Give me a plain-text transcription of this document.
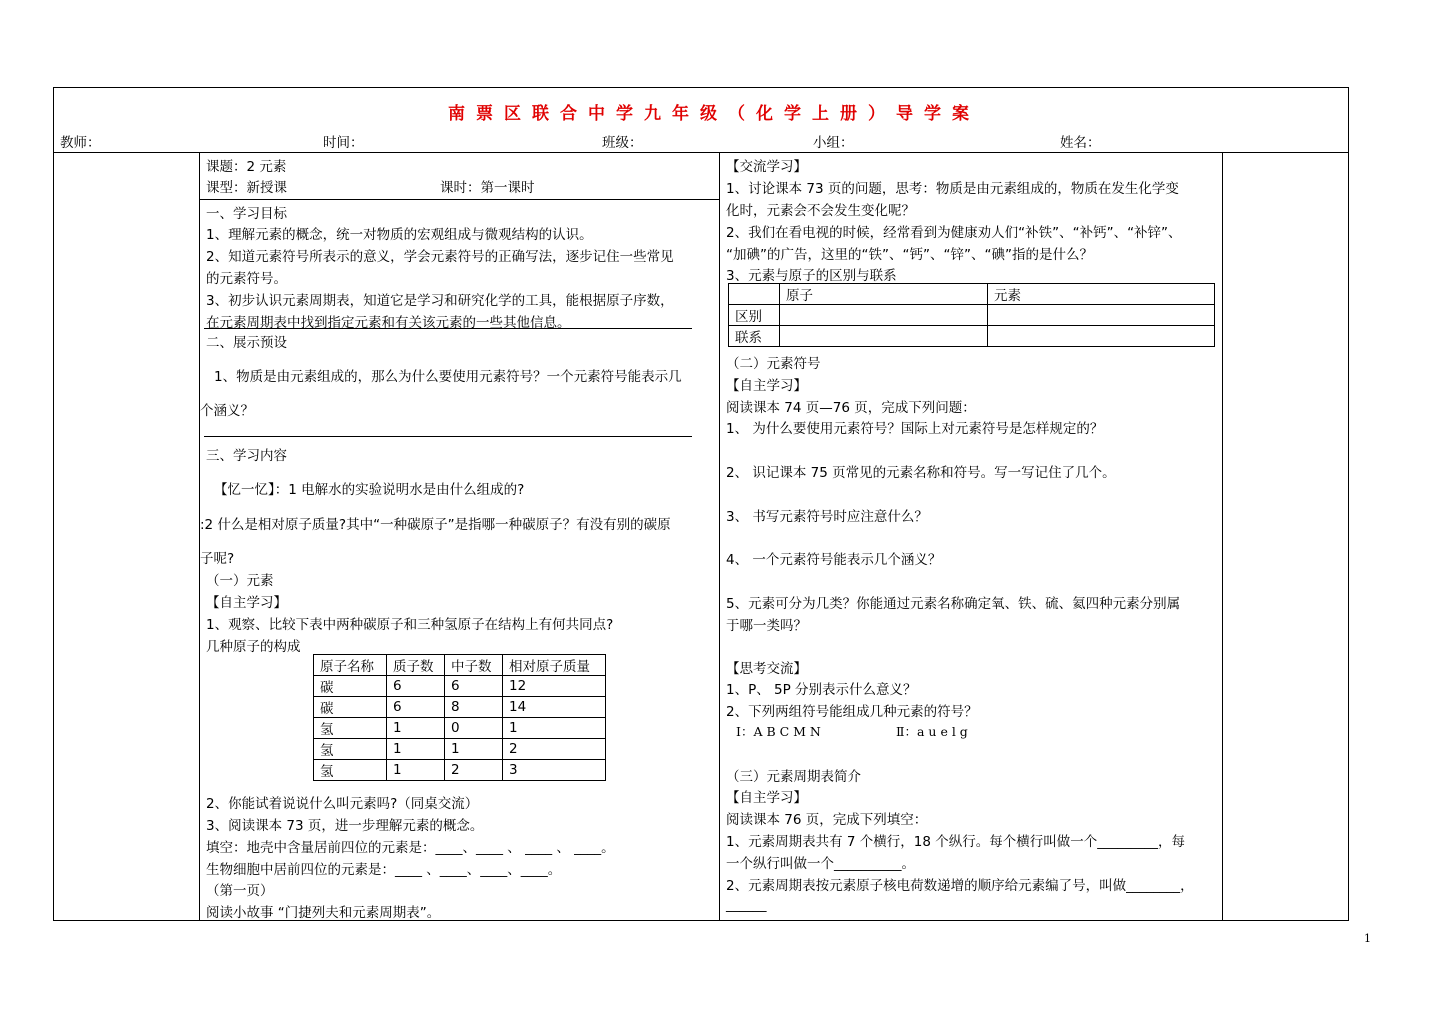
南票区联合中学九年级（化学上册）导学案
教师：	时间：	班级：	小组：	姓名：
课题：2 元素
课型：新授课	课时：第一课时
一、学习目标
1、理解元素的概念，统一对物质的宏观组成与微观结构的认识。
2、知道元素符号所表示的意义，学会元素符号的正确写法，逐步记住一些常见
的元素符号。
3、初步认识元素周期表，知道它是学习和研究化学的工具，能根据原子序数，
在元素周期表中找到指定元素和有关该元素的一些其他信息。
二、展示预设
1、物质是由元素组成的，那么为什么要使用元素符号？一个元素符号能表示几
个涵义？
三、学习内容
【忆一忆】：1 电解水的实验说明水是由什么组成的?
:2 什么是相对原子质量?其中“一种碳原子”是指哪一种碳原子？有没有别的碳原
子呢?
（一）元素
【自主学习】
1、观察、比较下表中两种碳原子和三种氢原子在结构上有何共同点?
几种原子的构成
原子名称	质子数	中子数	相对原子质量
碳	6	6	12
碳	6	8	14
氢	1	0	1
氢	1	1	2
氢	1	2	3
2、你能试着说说什么叫元素吗?（同桌交流）
3、阅读课本 73 页，进一步理解元素的概念。
填空：地壳中含量居前四位的元素是：____、____ 、 ____ 、 ____。
生物细胞中居前四位的元素是：____ 、____、____、____。
（第一页）
阅读小故事 “门捷列夫和元素周期表”。
【交流学习】
1、讨论课本 73 页的问题，思考：物质是由元素组成的，物质在发生化学变
化时，元素会不会发生变化呢？
2、我们在看电视的时候，经常看到为健康劝人们“补铁”、“补钙”、“补锌”、
“加碘”的广告，这里的“铁”、“钙”、“锌”、“碘”指的是什么？
3、元素与原子的区别与联系
	原子	元素
区别		
联系		
（二）元素符号
【自主学习】
阅读课本 74 页—76 页，完成下列问题：
1、 为什么要使用元素符号？国际上对元素符号是怎样规定的？
2、 识记课本 75 页常见的元素名称和符号。写一写记住了几个。
3、 书写元素符号时应注意什么？
4、 一个元素符号能表示几个涵义？
5、元素可分为几类？你能通过元素名称确定氧、铁、硫、氦四种元素分别属
于哪一类吗？
【思考交流】
1、P、 5P 分别表示什么意义？
2、下列两组符号能组成几种元素的符号？
Ⅰ：A B C M N	Ⅱ：a u e l g
（三）元素周期表简介
【自主学习】
阅读课本 76 页，完成下列填空：
1、元素周期表共有 7 个横行，18 个纵行。每个横行叫做一个_________，每
一个纵行叫做一个__________。
2、元素周期表按元素原子核电荷数递增的顺序给元素编了号，叫做________，
______
1
